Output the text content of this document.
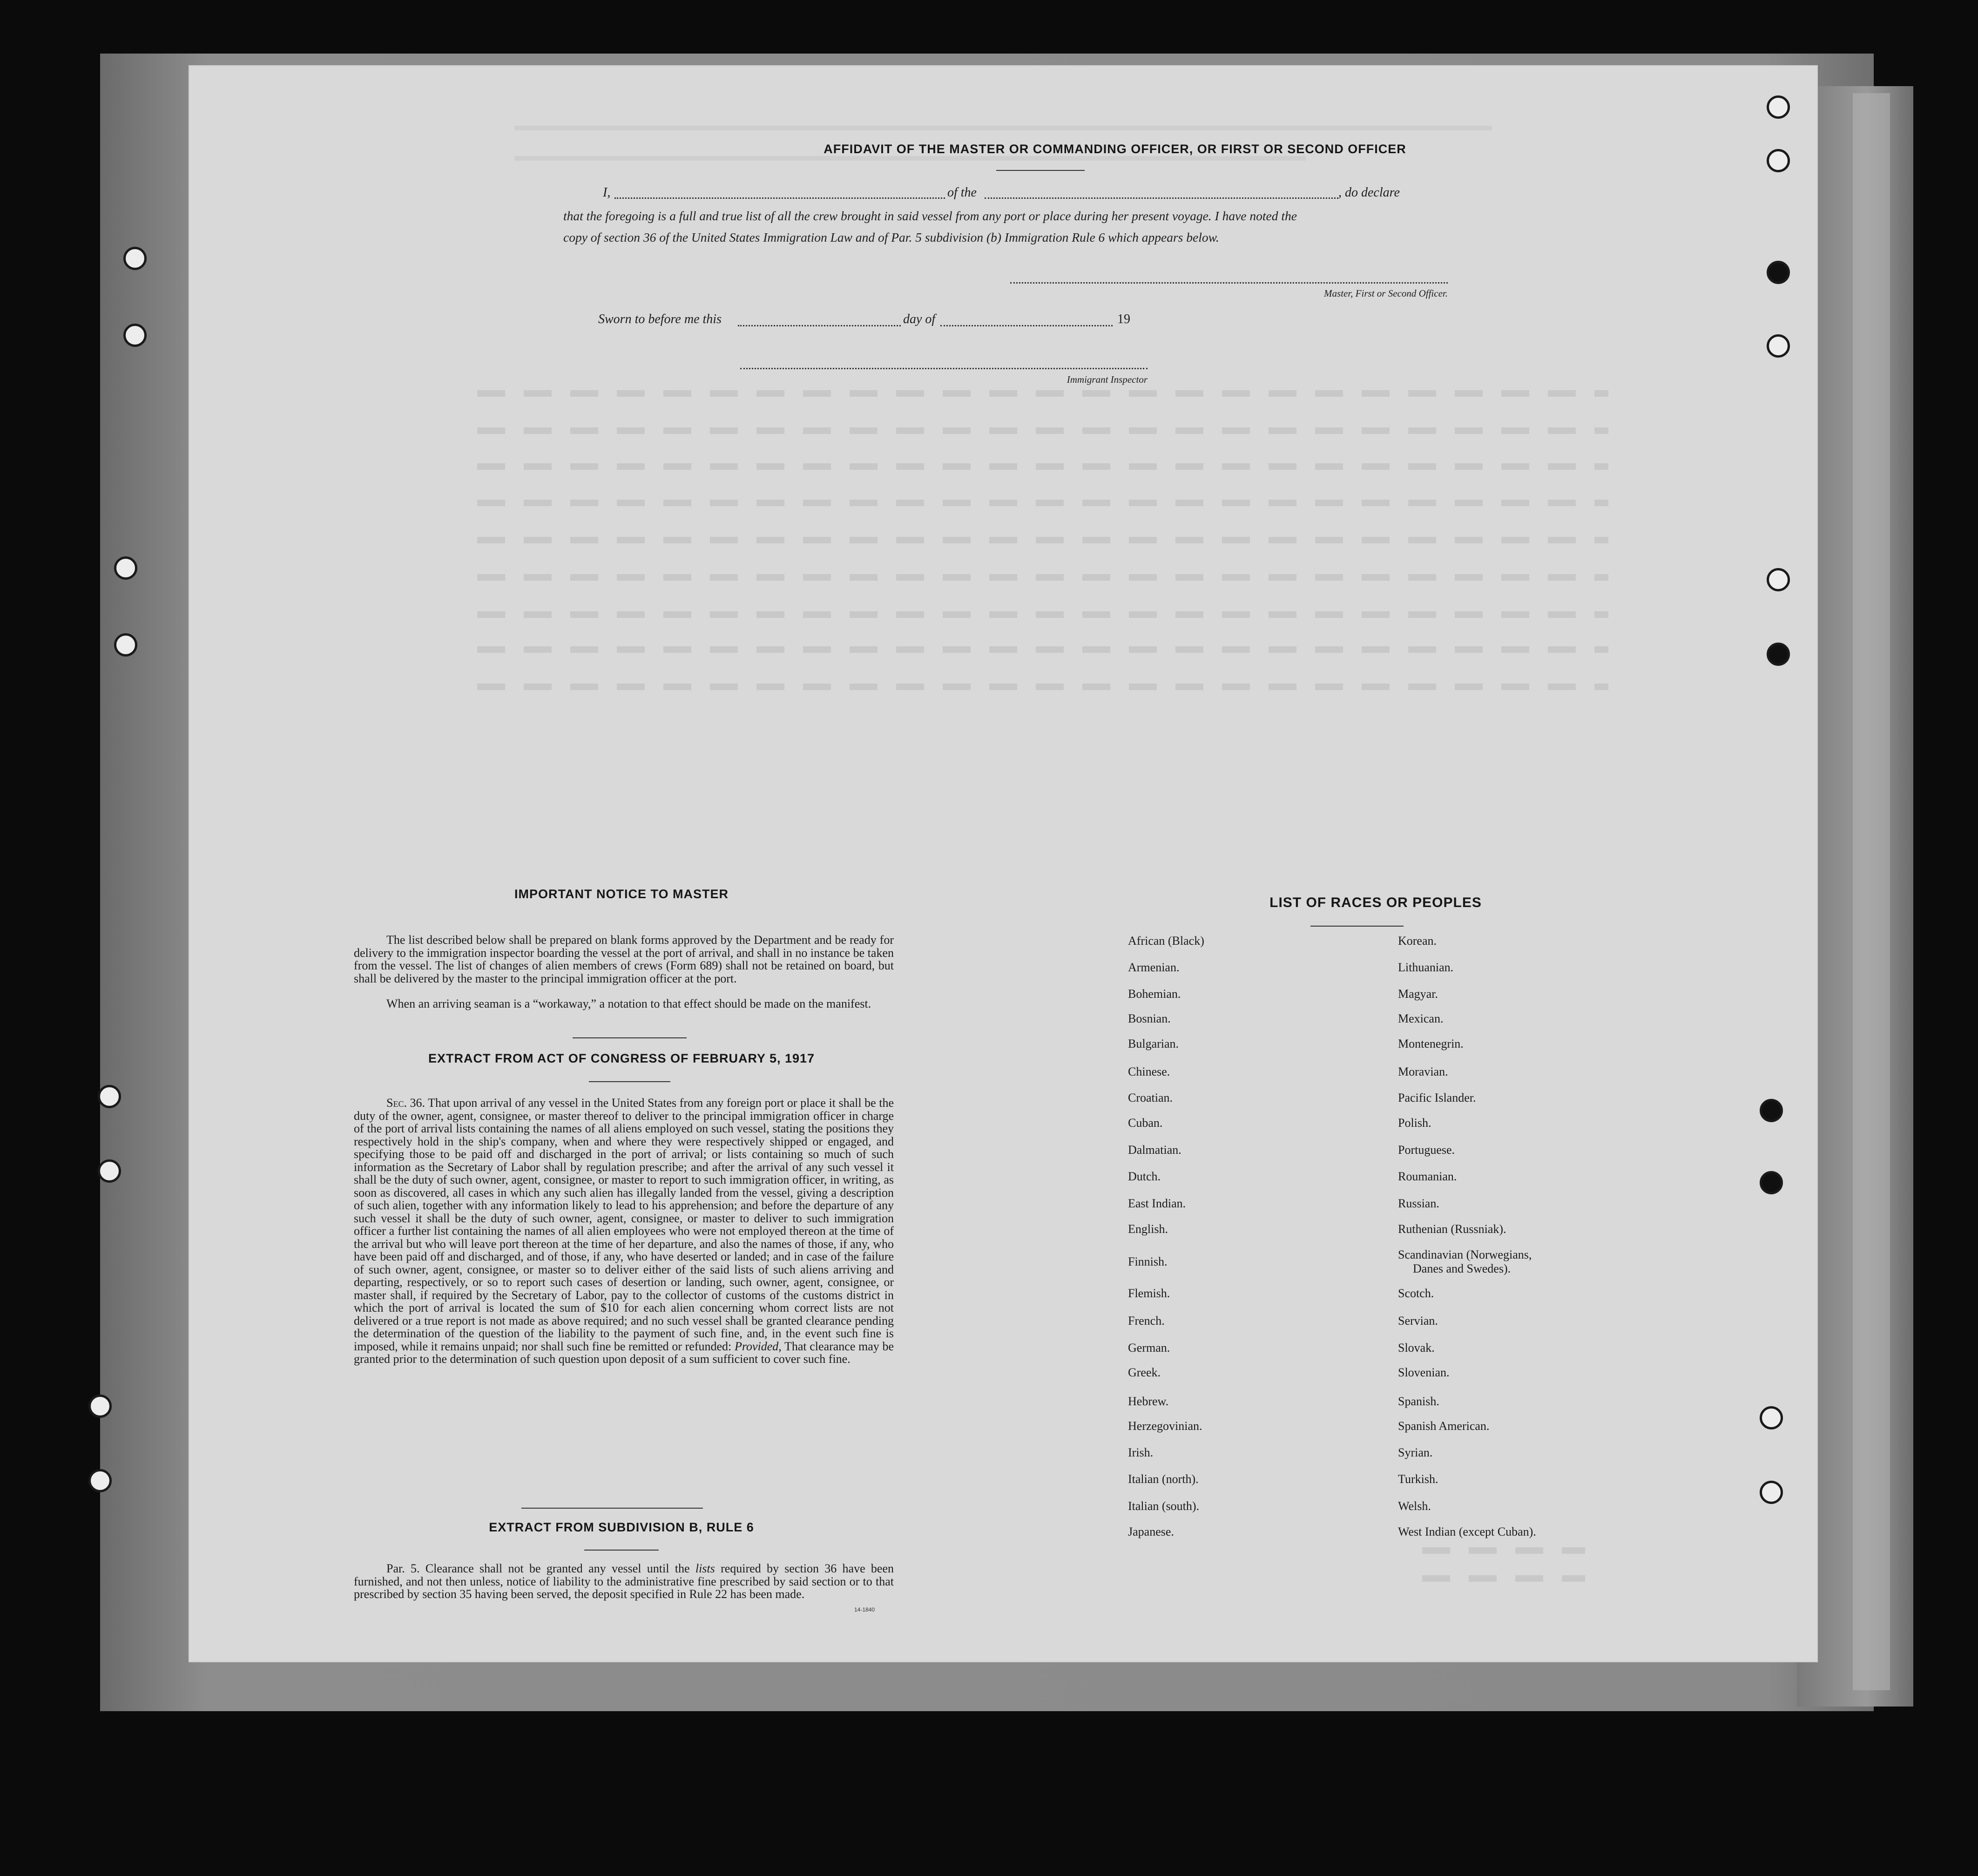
AFFIDAVIT OF THE MASTER OR COMMANDING OFFICER, OR FIRST OR SECOND OFFICER
I,	of the	, do declare
that the foregoing is a full and true list of all the crew brought in said vessel from any port or place during her present voyage. I have noted the
copy of section 36 of the United States Immigration Law and of Par. 5 subdivision (b) Immigration Rule 6 which appears below.
Master, First or Second Officer.
Sworn to before me this	day of	19
Immigrant Inspector
IMPORTANT NOTICE TO MASTER
The list described below shall be prepared on blank forms approved by the Department and be ready for delivery to the immigration inspector boarding the vessel at the port of arrival, and shall in no instance be taken from the vessel. The list of changes of alien members of crews (Form 689) shall not be retained on board, but shall be delivered by the master to the principal immigration officer at the port.
When an arriving seaman is a “workaway,” a notation to that effect should be made on the manifest.
EXTRACT FROM ACT OF CONGRESS OF FEBRUARY 5, 1917
Sec. 36. That upon arrival of any vessel in the United States from any foreign port or place it shall be the duty of the owner, agent, consignee, or master thereof to deliver to the principal immigration officer in charge of the port of arrival lists containing the names of all aliens employed on such vessel, stating the positions they respectively hold in the ship's company, when and where they were respectively shipped or engaged, and specifying those to be paid off and discharged in the port of arrival; or lists containing so much of such information as the Secretary of Labor shall by regulation prescribe; and after the arrival of any such vessel it shall be the duty of such owner, agent, consignee, or master to report to such immigration officer, in writing, as soon as discovered, all cases in which any such alien has illegally landed from the vessel, giving a description of such alien, together with any information likely to lead to his apprehension; and before the departure of any such vessel it shall be the duty of such owner, agent, consignee, or master to deliver to such immigration officer a further list containing the names of all alien employees who were not employed thereon at the time of the arrival but who will leave port thereon at the time of her departure, and also the names of those, if any, who have been paid off and discharged, and of those, if any, who have deserted or landed; and in case of the failure of such owner, agent, consignee, or master so to deliver either of the said lists of such aliens arriving and departing, respectively, or so to report such cases of desertion or landing, such owner, agent, consignee, or master shall, if required by the Secretary of Labor, pay to the collector of customs of the customs district in which the port of arrival is located the sum of $10 for each alien concerning whom correct lists are not delivered or a true report is not made as above required; and no such vessel shall be granted clearance pending the determination of the question of the liability to the payment of such fine, and, in the event such fine is imposed, while it remains unpaid; nor shall such fine be remitted or refunded: Provided, That clearance may be granted prior to the determination of such question upon deposit of a sum sufficient to cover such fine.
EXTRACT FROM SUBDIVISION B, RULE 6
Par. 5. Clearance shall not be granted any vessel until the lists required by section 36 have been furnished, and not then unless, notice of liability to the administrative fine prescribed by said section or to that prescribed by section 35 having been served, the deposit specified in Rule 22 has been made.
14-1840
LIST OF RACES OR PEOPLES
African (Black)
Armenian.
Bohemian.
Bosnian.
Bulgarian.
Chinese.
Croatian.
Cuban.
Dalmatian.
Dutch.
East Indian.
English.
Finnish.
Flemish.
French.
German.
Greek.
Hebrew.
Herzegovinian.
Irish.
Italian (north).
Italian (south).
Japanese.
Korean.
Lithuanian.
Magyar.
Mexican.
Montenegrin.
Moravian.
Pacific Islander.
Polish.
Portuguese.
Roumanian.
Russian.
Ruthenian (Russniak).
Scandinavian (Norwegians,
Danes and Swedes).
Scotch.
Servian.
Slovak.
Slovenian.
Spanish.
Spanish American.
Syrian.
Turkish.
Welsh.
West Indian (except Cuban).
